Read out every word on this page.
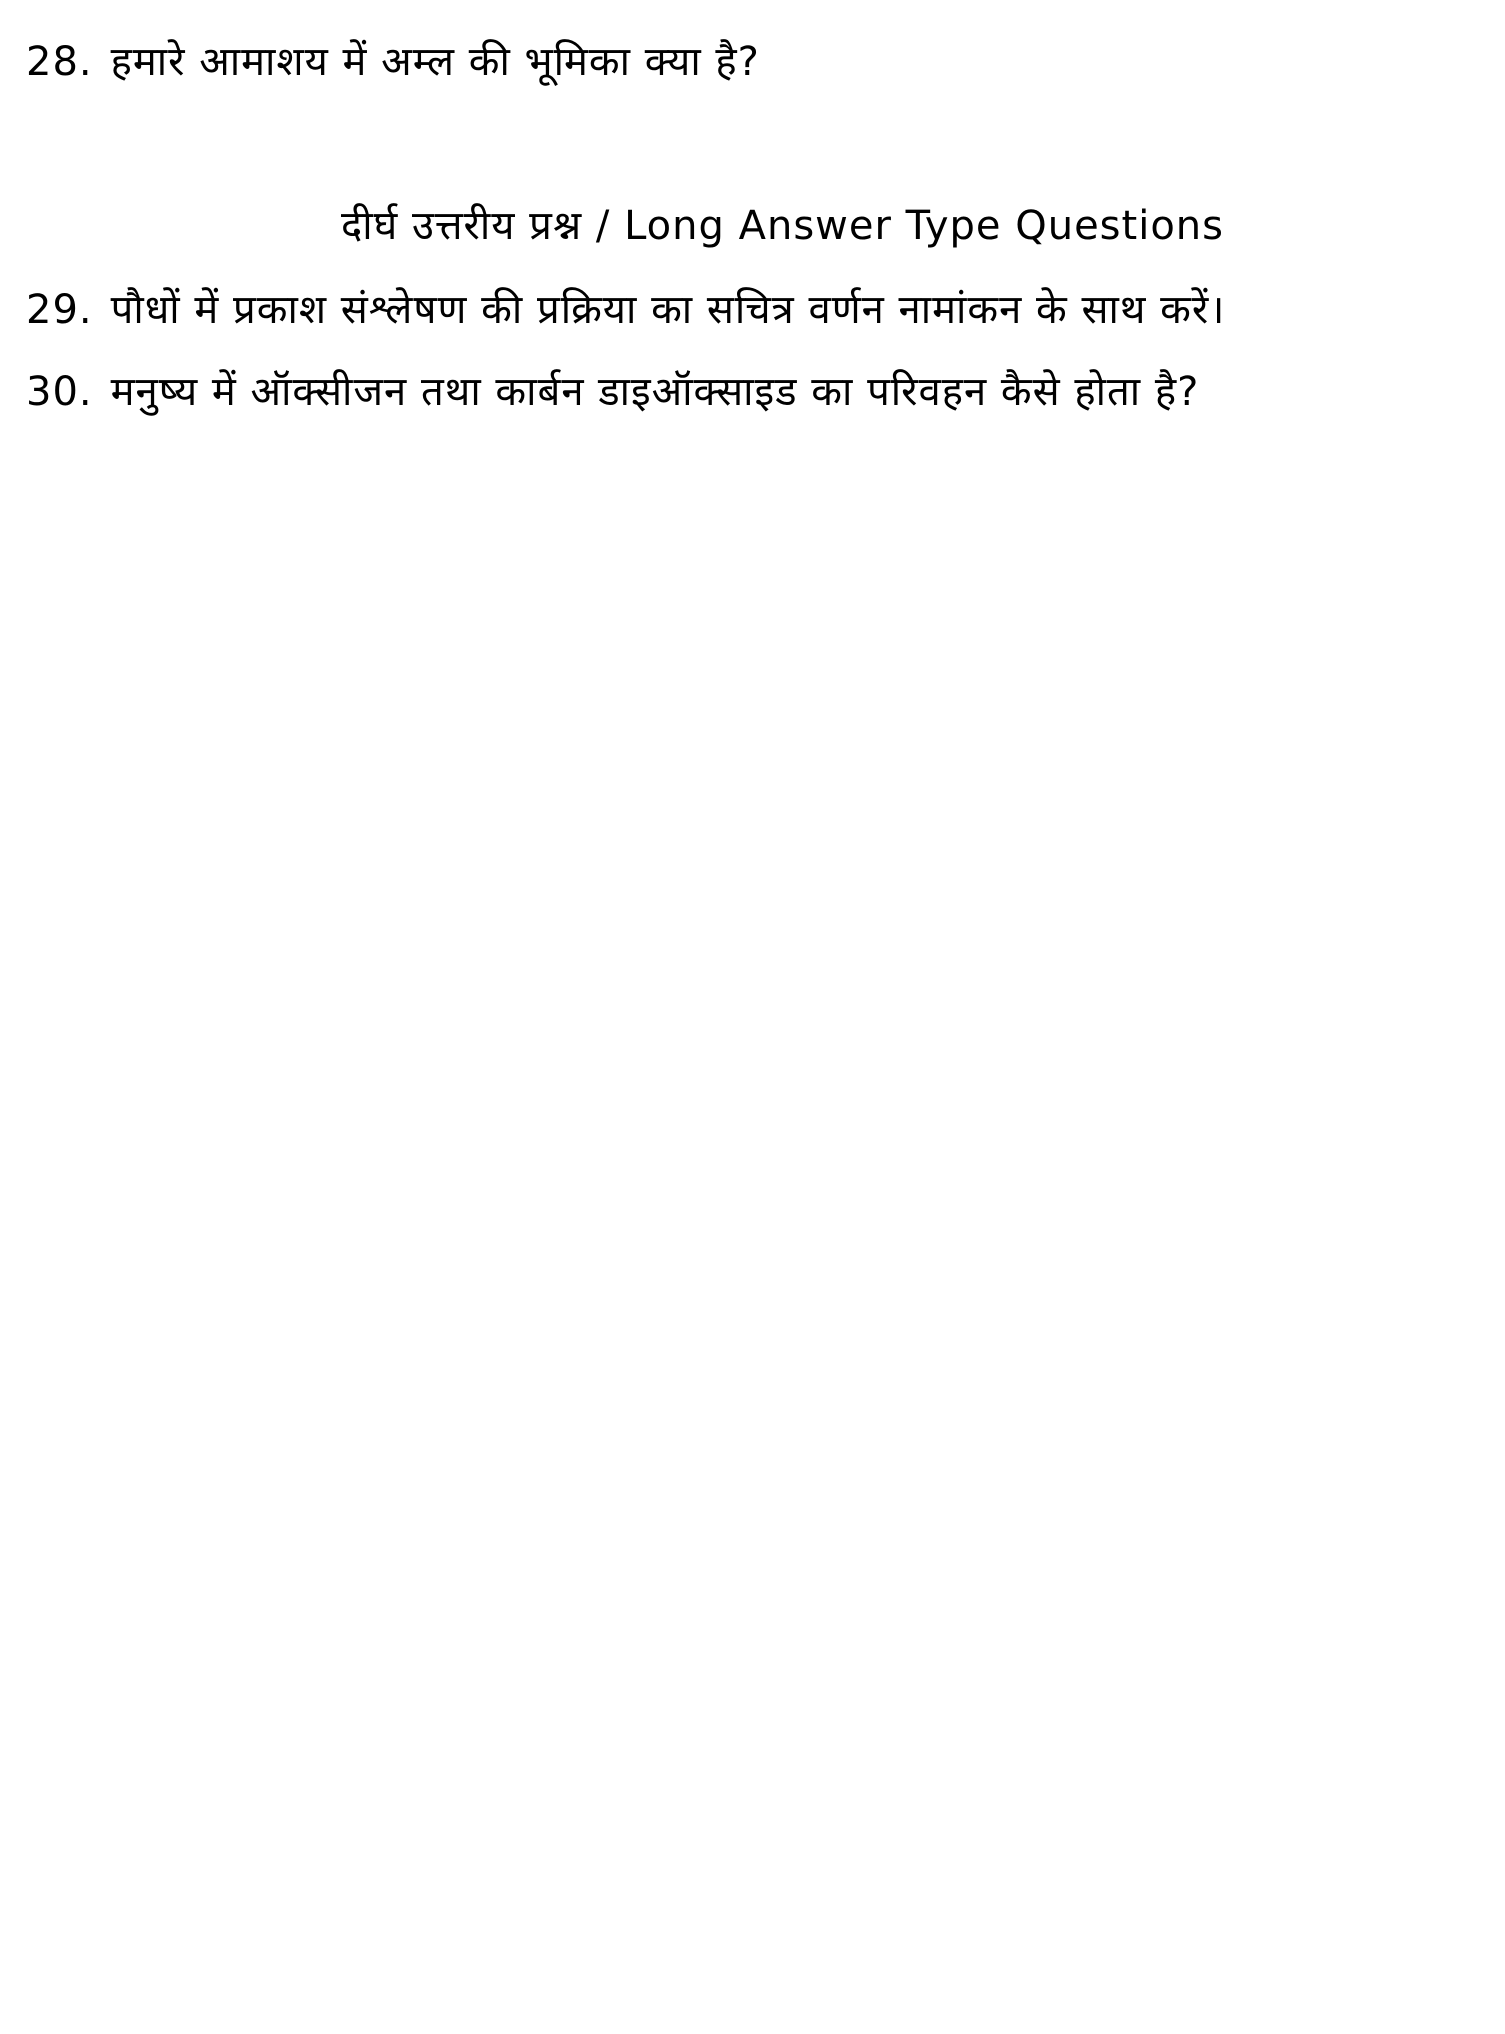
28. हमारे आमाशय में अम्ल की भूमिका क्या है?
दीर्घ उत्तरीय प्रश्न / Long Answer Type Questions
29. पौधों में प्रकाश संश्लेषण की प्रक्रिया का सचित्र वर्णन नामांकन के साथ करें।
30. मनुष्य में ऑक्सीजन तथा कार्बन डाइऑक्साइड का परिवहन कैसे होता है?
